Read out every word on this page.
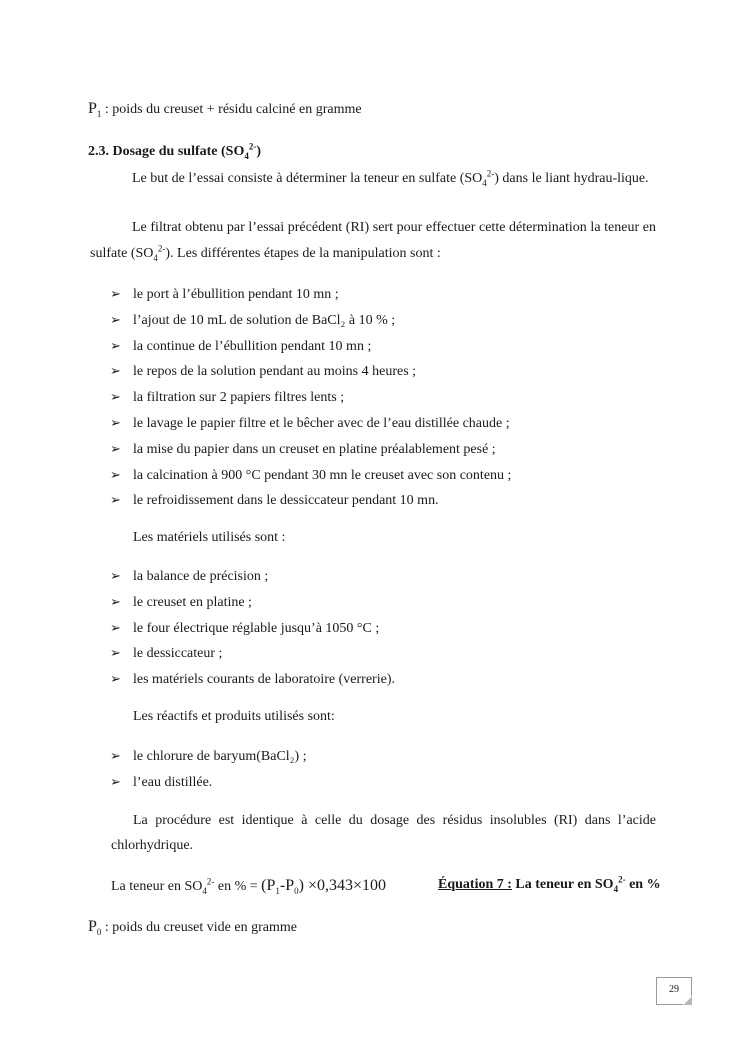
$P_1$ : poids du creuset + résidu calciné en gramme
2.3. Dosage du sulfate $(SO_4^{2-})$
Le but de l’essai consiste à déterminer la teneur en sulfate $(SO_4^{2-})$ dans le liant hydrau-lique.
Le filtrat obtenu par l’essai précédent (RI) sert pour effectuer cette détermination la teneur en sulfate $(SO_4^{2-})$. Les différentes étapes de la manipulation sont :
➢ le port à l’ébullition pendant 10 mn ;
➢ l’ajout de 10 mL de solution de BaCl₂ à 10 % ;
➢ la continue de l’ébullition pendant 10 mn ;
➢ le repos de la solution pendant au moins 4 heures ;
➢ la filtration sur 2 papiers filtres lents ;
➢ le lavage le papier filtre et le bêcher avec de l’eau distillée chaude ;
➢ la mise du papier dans un creuset en platine préalablement pesé ;
➢ la calcination à 900 °C pendant 30 mn le creuset avec son contenu ;
➢ le refroidissement dans le dessiccateur pendant 10 mn.
Les matériels utilisés sont :
➢ la balance de précision ;
➢ le creuset en platine ;
➢ le four électrique réglable jusqu’à 1050 °C ;
➢ le dessiccateur ;
➢ les matériels courants de laboratoire (verrerie).
Les réactifs et produits utilisés sont:
➢ le chlorure de baryum(BaCl₂) ;
➢ l’eau distillée.
La procédure est identique à celle du dosage des résidus insolubles (RI) dans l’acide
chlorhydrique.
La teneur en $SO_4^{2-}$ en % = $(P_1-P_0) \times 0,343\times 100$	Équation 7 : La teneur en $SO_4^{2-}$ en %
$P_0$ : poids du creuset vide en gramme
29
